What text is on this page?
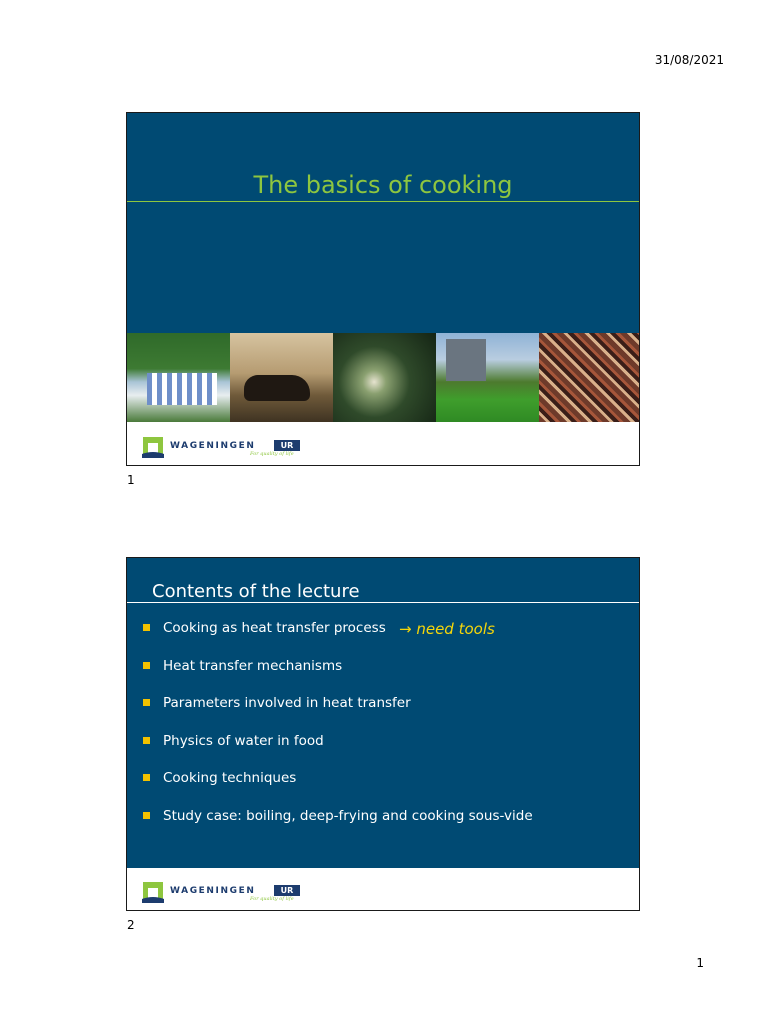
31/08/2021
The basics of cooking
WAGENINGEN	UR
For quality of life
1
Contents of the lecture
Cooking as heat transfer process
Heat transfer mechanisms
Parameters involved in heat transfer
Physics of water in food
Cooking techniques
Study case: boiling, deep-frying and cooking sous-vide
→ need tools
WAGENINGEN	UR
For quality of life
2
1
